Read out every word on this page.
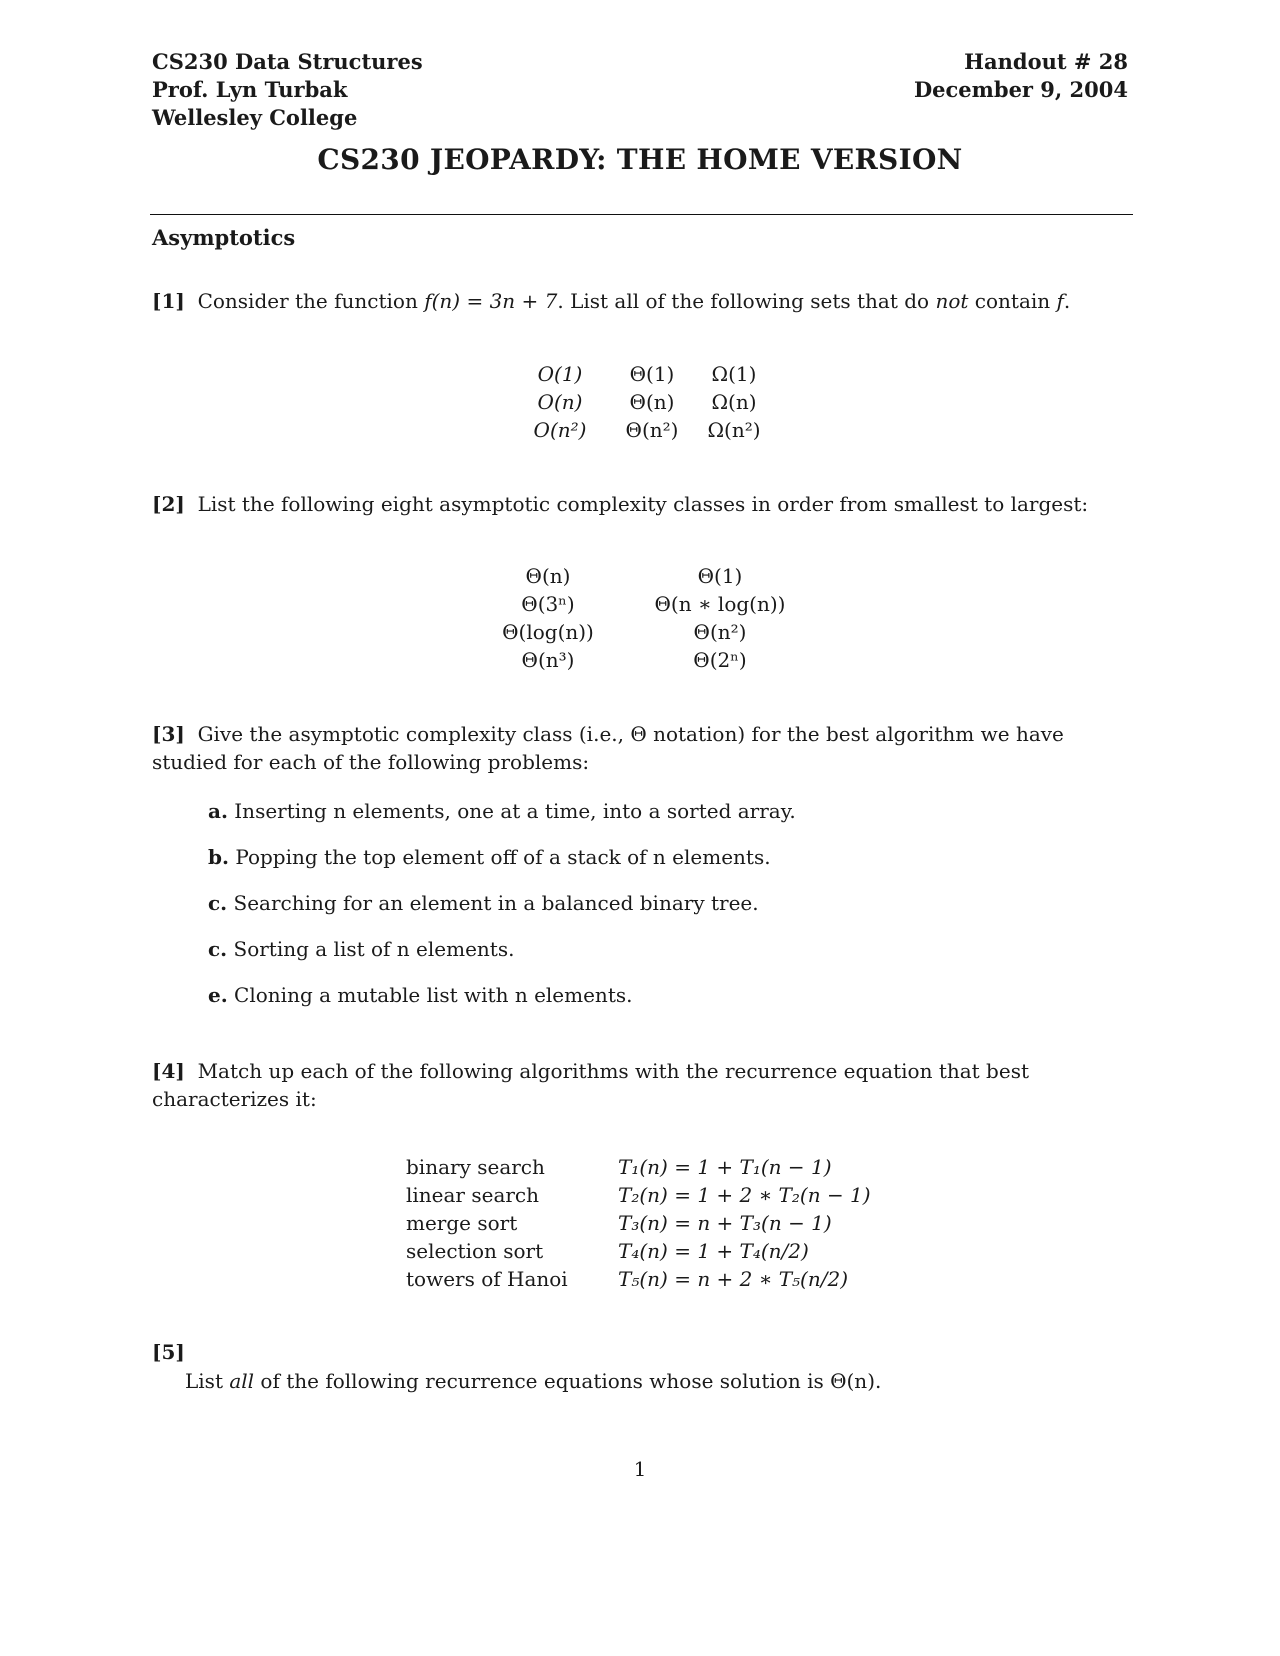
CS230 Data Structures
Prof. Lyn Turbak
Wellesley College
Handout # 28
December 9, 2004
CS230 JEOPARDY: THE HOME VERSION
Asymptotics
[1] Consider the function f(n) = 3n + 7. List all of the following sets that do not contain f.
O(1)
O(n)
O(n²)
Θ(1)
Θ(n)
Θ(n²)
Ω(1)
Ω(n)
Ω(n²)
[2] List the following eight asymptotic complexity classes in order from smallest to largest:
Θ(n)
Θ(3ⁿ)
Θ(log(n))
Θ(n³)
Θ(1)
Θ(n ∗ log(n))
Θ(n²)
Θ(2ⁿ)
[3] Give the asymptotic complexity class (i.e., Θ notation) for the best algorithm we have studied for each of the following problems:
a. Inserting n elements, one at a time, into a sorted array.
b. Popping the top element off of a stack of n elements.
c. Searching for an element in a balanced binary tree.
c. Sorting a list of n elements.
e. Cloning a mutable list with n elements.
[4] Match up each of the following algorithms with the recurrence equation that best characterizes it:
binary search
linear search
merge sort
selection sort
towers of Hanoi
T₁(n) = 1 + T₁(n − 1)
T₂(n) = 1 + 2 ∗ T₂(n − 1)
T₃(n) = n + T₃(n − 1)
T₄(n) = 1 + T₄(n/2)
T₅(n) = n + 2 ∗ T₅(n/2)
[5]
List all of the following recurrence equations whose solution is Θ(n).
1
